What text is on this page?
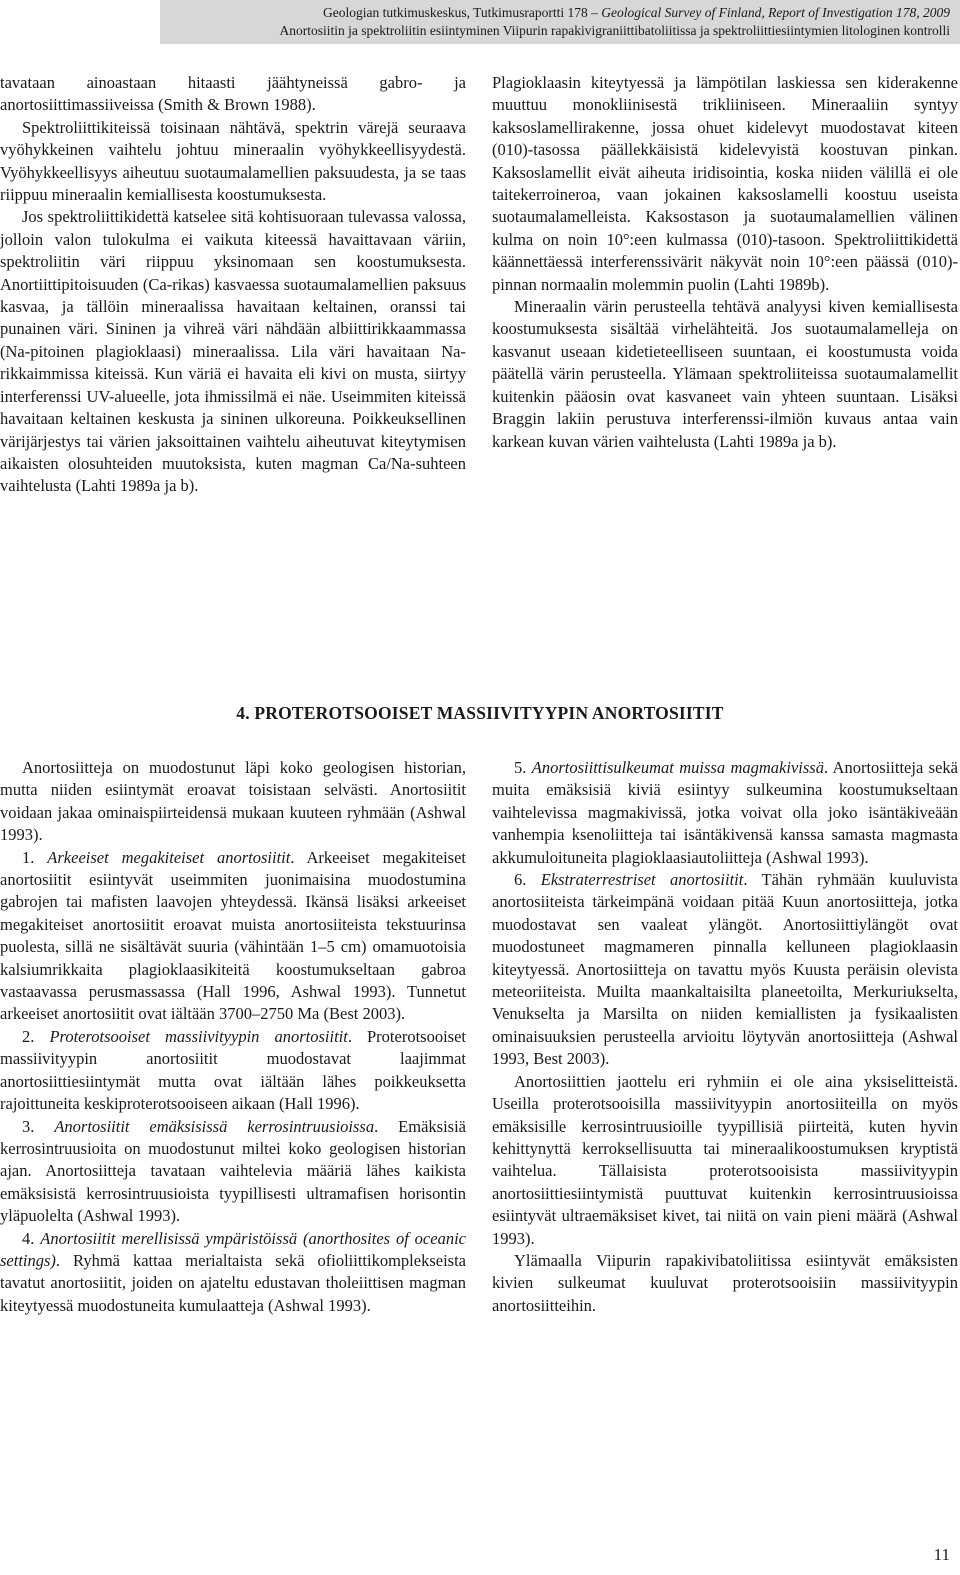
Geologian tutkimuskeskus, Tutkimusraportti 178 – Geological Survey of Finland, Report of Investigation 178, 2009
Anortosiitin ja spektroliitin esiintyminen Viipurin rapakivigraniittibatoliitissa ja spektroliittiesiintymien litologinen kontrolli

tavataan ainoastaan hitaasti jäähtyneissä gabro- ja anortosiittimassiiveissa (Smith & Brown 1988).

Spektroliittikiteissä toisinaan nähtävä, spektrin värejä seuraava vyöhykkeinen vaihtelu johtuu mineraalin vyöhykkeellisyydestä. Vyöhykkeellisyys aiheutuu suotaumalamellien paksuudesta, ja se taas riippuu mineraalin kemiallisesta koostumuksesta.

Jos spektroliittikidettä katselee sitä kohtisuoraan tulevassa valossa, jolloin valon tulokulma ei vaikuta kiteessä havaittavaan väriin, spektroliitin väri riippuu yksinomaan sen koostumuksesta. Anortiittipitoisuuden (Ca-rikas) kasvaessa suotaumalamellien paksuus kasvaa, ja tällöin mineraalissa havaitaan keltainen, oranssi tai punainen väri. Sininen ja vihreä väri nähdään albiittirikkaammassa (Na-pitoinen plagioklaasi) mineraalissa. Lila väri havaitaan Na-rikkaimmissa kiteissä. Kun väriä ei havaita eli kivi on musta, siirtyy interferenssi UV-alueelle, jota ihmissilmä ei näe. Useimmiten kiteissä havaitaan keltainen keskusta ja sininen ulkoreuna. Poikkeuksellinen värijärjestys tai värien jaksoittainen vaihtelu aiheutuvat kiteytymisen aikaisten olosuhteiden muutoksista, kuten magman Ca/Na-suhteen vaihtelusta (Lahti 1989a ja b).

Plagioklaasin kiteytyessä ja lämpötilan laskiessa sen kiderakenne muuttuu monokliinisestä trikliiniseen. Mineraaliin syntyy kaksoslamellirakenne, jossa ohuet kidelevyt muodostavat kiteen (010)-tasossa päällekkäisistä kidelevyistä koostuvan pinkan. Kaksoslamellit eivät aiheuta iridisointia, koska niiden välillä ei ole taitekerroineroa, vaan jokainen kaksoslamelli koostuu useista suotaumalamelleista. Kaksostason ja suotaumalamellien välinen kulma on noin 10°:een kulmassa (010)-tasoon. Spektroliittikidettä käännettäessä interferenssivärit näkyvät noin 10°:een päässä (010)-pinnan normaalin molemmin puolin (Lahti 1989b).

Mineraalin värin perusteella tehtävä analyysi kiven kemiallisesta koostumuksesta sisältää virhelähteitä. Jos suotaumalamelleja on kasvanut useaan kidetieteelliseen suuntaan, ei koostumusta voida päätellä värin perusteella. Ylämaan spektroliiteissa suotaumalamellit kuitenkin pääosin ovat kasvaneet vain yhteen suuntaan. Lisäksi Braggin lakiin perustuva interferenssi-ilmiön kuvaus antaa vain karkean kuvan värien vaihtelusta (Lahti 1989a ja b).

4. PROTEROTSOOISET MASSIIVITYYPIN ANORTOSIITIT

Anortosiitteja on muodostunut läpi koko geologisen historian, mutta niiden esiintymät eroavat toisistaan selvästi. Anortosiitit voidaan jakaa ominaispiirteidensä mukaan kuuteen ryhmään (Ashwal 1993).

1. Arkeeiset megakiteiset anortosiitit. Arkeeiset megakiteiset anortosiitit esiintyvät useimmiten juonimaisina muodostumina gabrojen tai mafisten laavojen yhteydessä. Ikänsä lisäksi arkeeiset megakiteiset anortosiitit eroavat muista anortosiiteista tekstuurinsa puolesta, sillä ne sisältävät suuria (vähintään 1–5 cm) omamuotoisia kalsiumrikkaita plagioklaasikiteitä koostumukseltaan gabroa vastaavassa perusmassassa (Hall 1996, Ashwal 1993). Tunnetut arkeeiset anortosiitit ovat iältään 3700–2750 Ma (Best 2003).

2. Proterotsooiset massiivityypin anortosiitit. Proterotsooiset massiivityypin anortosiitit muodostavat laajimmat anortosiittiesiintymät mutta ovat iältään lähes poikkeuksetta rajoittuneita keskiproterotsooiseen aikaan (Hall 1996).

3. Anortosiitit emäksisissä kerrosintruusioissa. Emäksisiä kerrosintruusioita on muodostunut miltei koko geologisen historian ajan. Anortosiitteja tavataan vaihtelevia määriä lähes kaikista emäksisistä kerrosintruusioista tyypillisesti ultramafisen horisontin yläpuolelta (Ashwal 1993).

4. Anortosiitit merellisissä ympäristöissä (anorthosites of oceanic settings). Ryhmä kattaa merialtaista sekä ofioliittikomplekseista tavatut anortosiitit, joiden on ajateltu edustavan tholeiittisen magman kiteytyessä muodostuneita kumulaatteja (Ashwal 1993).

5. Anortosiittisulkeumat muissa magmakivissä. Anortosiitteja sekä muita emäksisiä kiviä esiintyy sulkeumina koostumukseltaan vaihtelevissa magmakivissä, jotka voivat olla joko isäntäkiveään vanhempia ksenoliitteja tai isäntäkivensä kanssa samasta magmasta akkumuloituneita plagioklaasiautoliitteja (Ashwal 1993).

6. Ekstraterrestriset anortosiitit. Tähän ryhmään kuuluvista anortosiiteista tärkeimpänä voidaan pitää Kuun anortosiitteja, jotka muodostavat sen vaaleat ylängöt. Anortosiittiylängöt ovat muodostuneet magmameren pinnalla kelluneen plagioklaasin kiteytyessä. Anortosiitteja on tavattu myös Kuusta peräisin olevista meteoriiteista. Muilta maankaltaisilta planeetoilta, Merkuriukselta, Venukselta ja Marsilta on niiden kemiallisten ja fysikaalisten ominaisuuksien perusteella arvioitu löytyvän anortosiitteja (Ashwal 1993, Best 2003).

Anortosiittien jaottelu eri ryhmiin ei ole aina yksiselitteistä. Useilla proterotsooisilla massiivityypin anortosiiteilla on myös emäksisille kerrosintruusioille tyypillisiä piirteitä, kuten hyvin kehittynyttä kerroksellisuutta tai mineraalikoostumuksen kryptistä vaihtelua. Tällaisista proterotsooisista massiivityypin anortosiittiesiintymistä puuttuvat kuitenkin kerrosintruusioissa esiintyvät ultraemäksiset kivet, tai niitä on vain pieni määrä (Ashwal 1993).

Ylämaalla Viipurin rapakivibatoliitissa esiintyvät emäksisten kivien sulkeumat kuuluvat proterotsooisiin massiivityypin anortosiitteihin.

11
